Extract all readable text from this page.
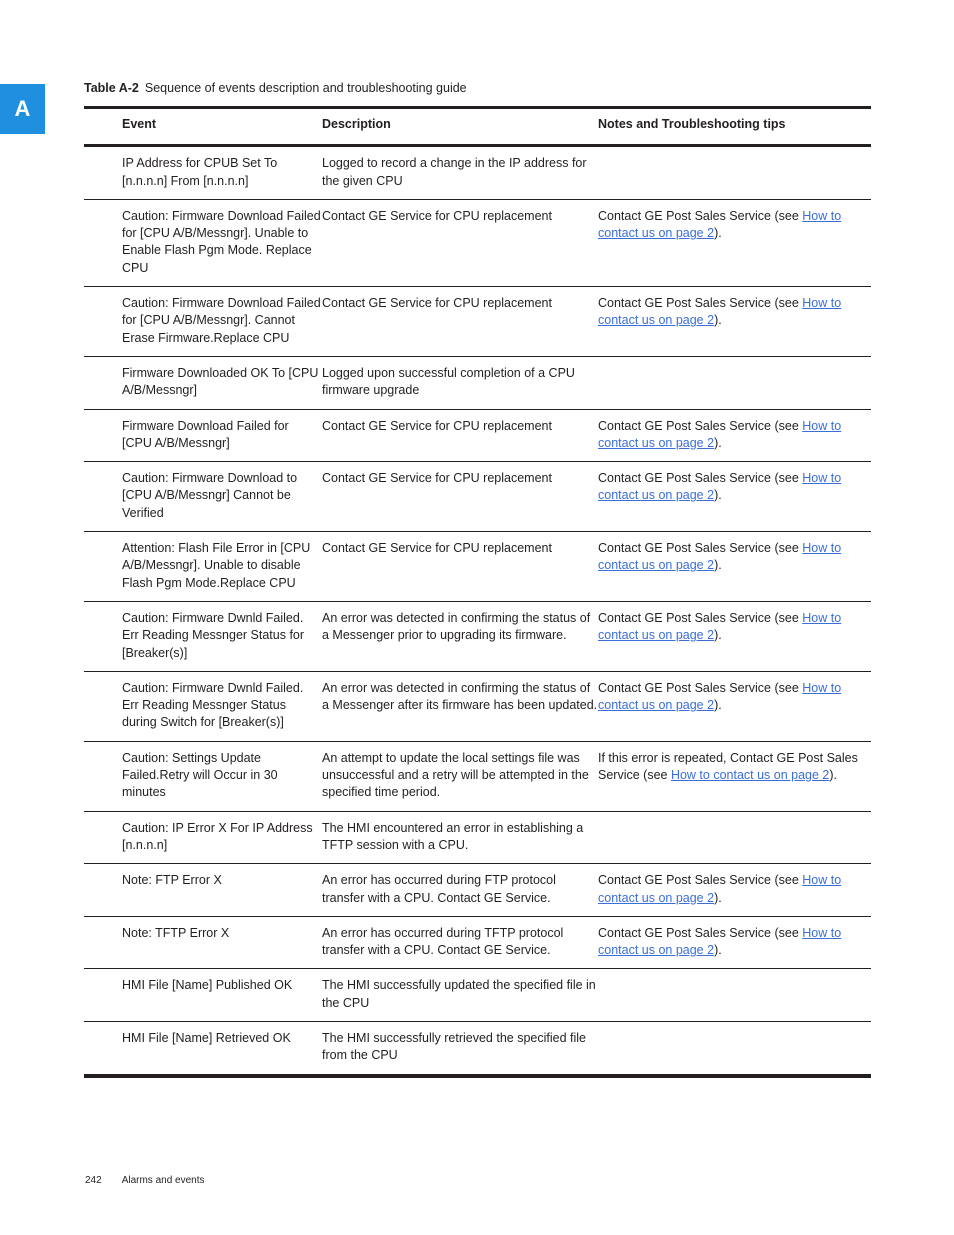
A
Table A-2 Sequence of events description and troubleshooting guide
Event	Description	Notes and Troubleshooting tips
IP Address for CPUB Set To [n.n.n.n] From [n.n.n.n]	Logged to record a change in the IP address for the given CPU	
Caution: Firmware Download Failed for [CPU A/B/Messngr]. Unable to Enable Flash Pgm Mode. Replace CPU	Contact GE Service for CPU replacement	Contact GE Post Sales Service (see How to contact us on page 2).
Caution: Firmware Download Failed for [CPU A/B/Messngr]. Cannot Erase Firmware.Replace CPU	Contact GE Service for CPU replacement	Contact GE Post Sales Service (see How to contact us on page 2).
Firmware Downloaded OK To [CPU A/B/Messngr]	Logged upon successful completion of a CPU firmware upgrade	
Firmware Download Failed for [CPU A/B/Messngr]	Contact GE Service for CPU replacement	Contact GE Post Sales Service (see How to contact us on page 2).
Caution: Firmware Download to [CPU A/B/Messngr] Cannot be Verified	Contact GE Service for CPU replacement	Contact GE Post Sales Service (see How to contact us on page 2).
Attention: Flash File Error in [CPU A/B/Messngr]. Unable to disable Flash Pgm Mode.Replace CPU	Contact GE Service for CPU replacement	Contact GE Post Sales Service (see How to contact us on page 2).
Caution: Firmware Dwnld Failed. Err Reading Messnger Status for [Breaker(s)]	An error was detected in confirming the status of a Messenger prior to upgrading its firmware.	Contact GE Post Sales Service (see How to contact us on page 2).
Caution: Firmware Dwnld Failed. Err Reading Messnger Status during Switch for [Breaker(s)]	An error was detected in confirming the status of a Messenger after its firmware has been updated.	Contact GE Post Sales Service (see How to contact us on page 2).
Caution: Settings Update Failed.Retry will Occur in 30 minutes	An attempt to update the local settings file was unsuccessful and a retry will be attempted in the specified time period.	If this error is repeated, Contact GE Post Sales Service (see How to contact us on page 2).
Caution: IP Error X For IP Address [n.n.n.n]	The HMI encountered an error in establishing a TFTP session with a CPU.	
Note: FTP Error X	An error has occurred during FTP protocol transfer with a CPU. Contact GE Service.	Contact GE Post Sales Service (see How to contact us on page 2).
Note: TFTP Error X	An error has occurred during TFTP protocol transfer with a CPU. Contact GE Service.	Contact GE Post Sales Service (see How to contact us on page 2).
HMI File [Name] Published OK	The HMI successfully updated the specified file in the CPU	
HMI File [Name] Retrieved OK	The HMI successfully retrieved the specified file from the CPU	
242 Alarms and events
